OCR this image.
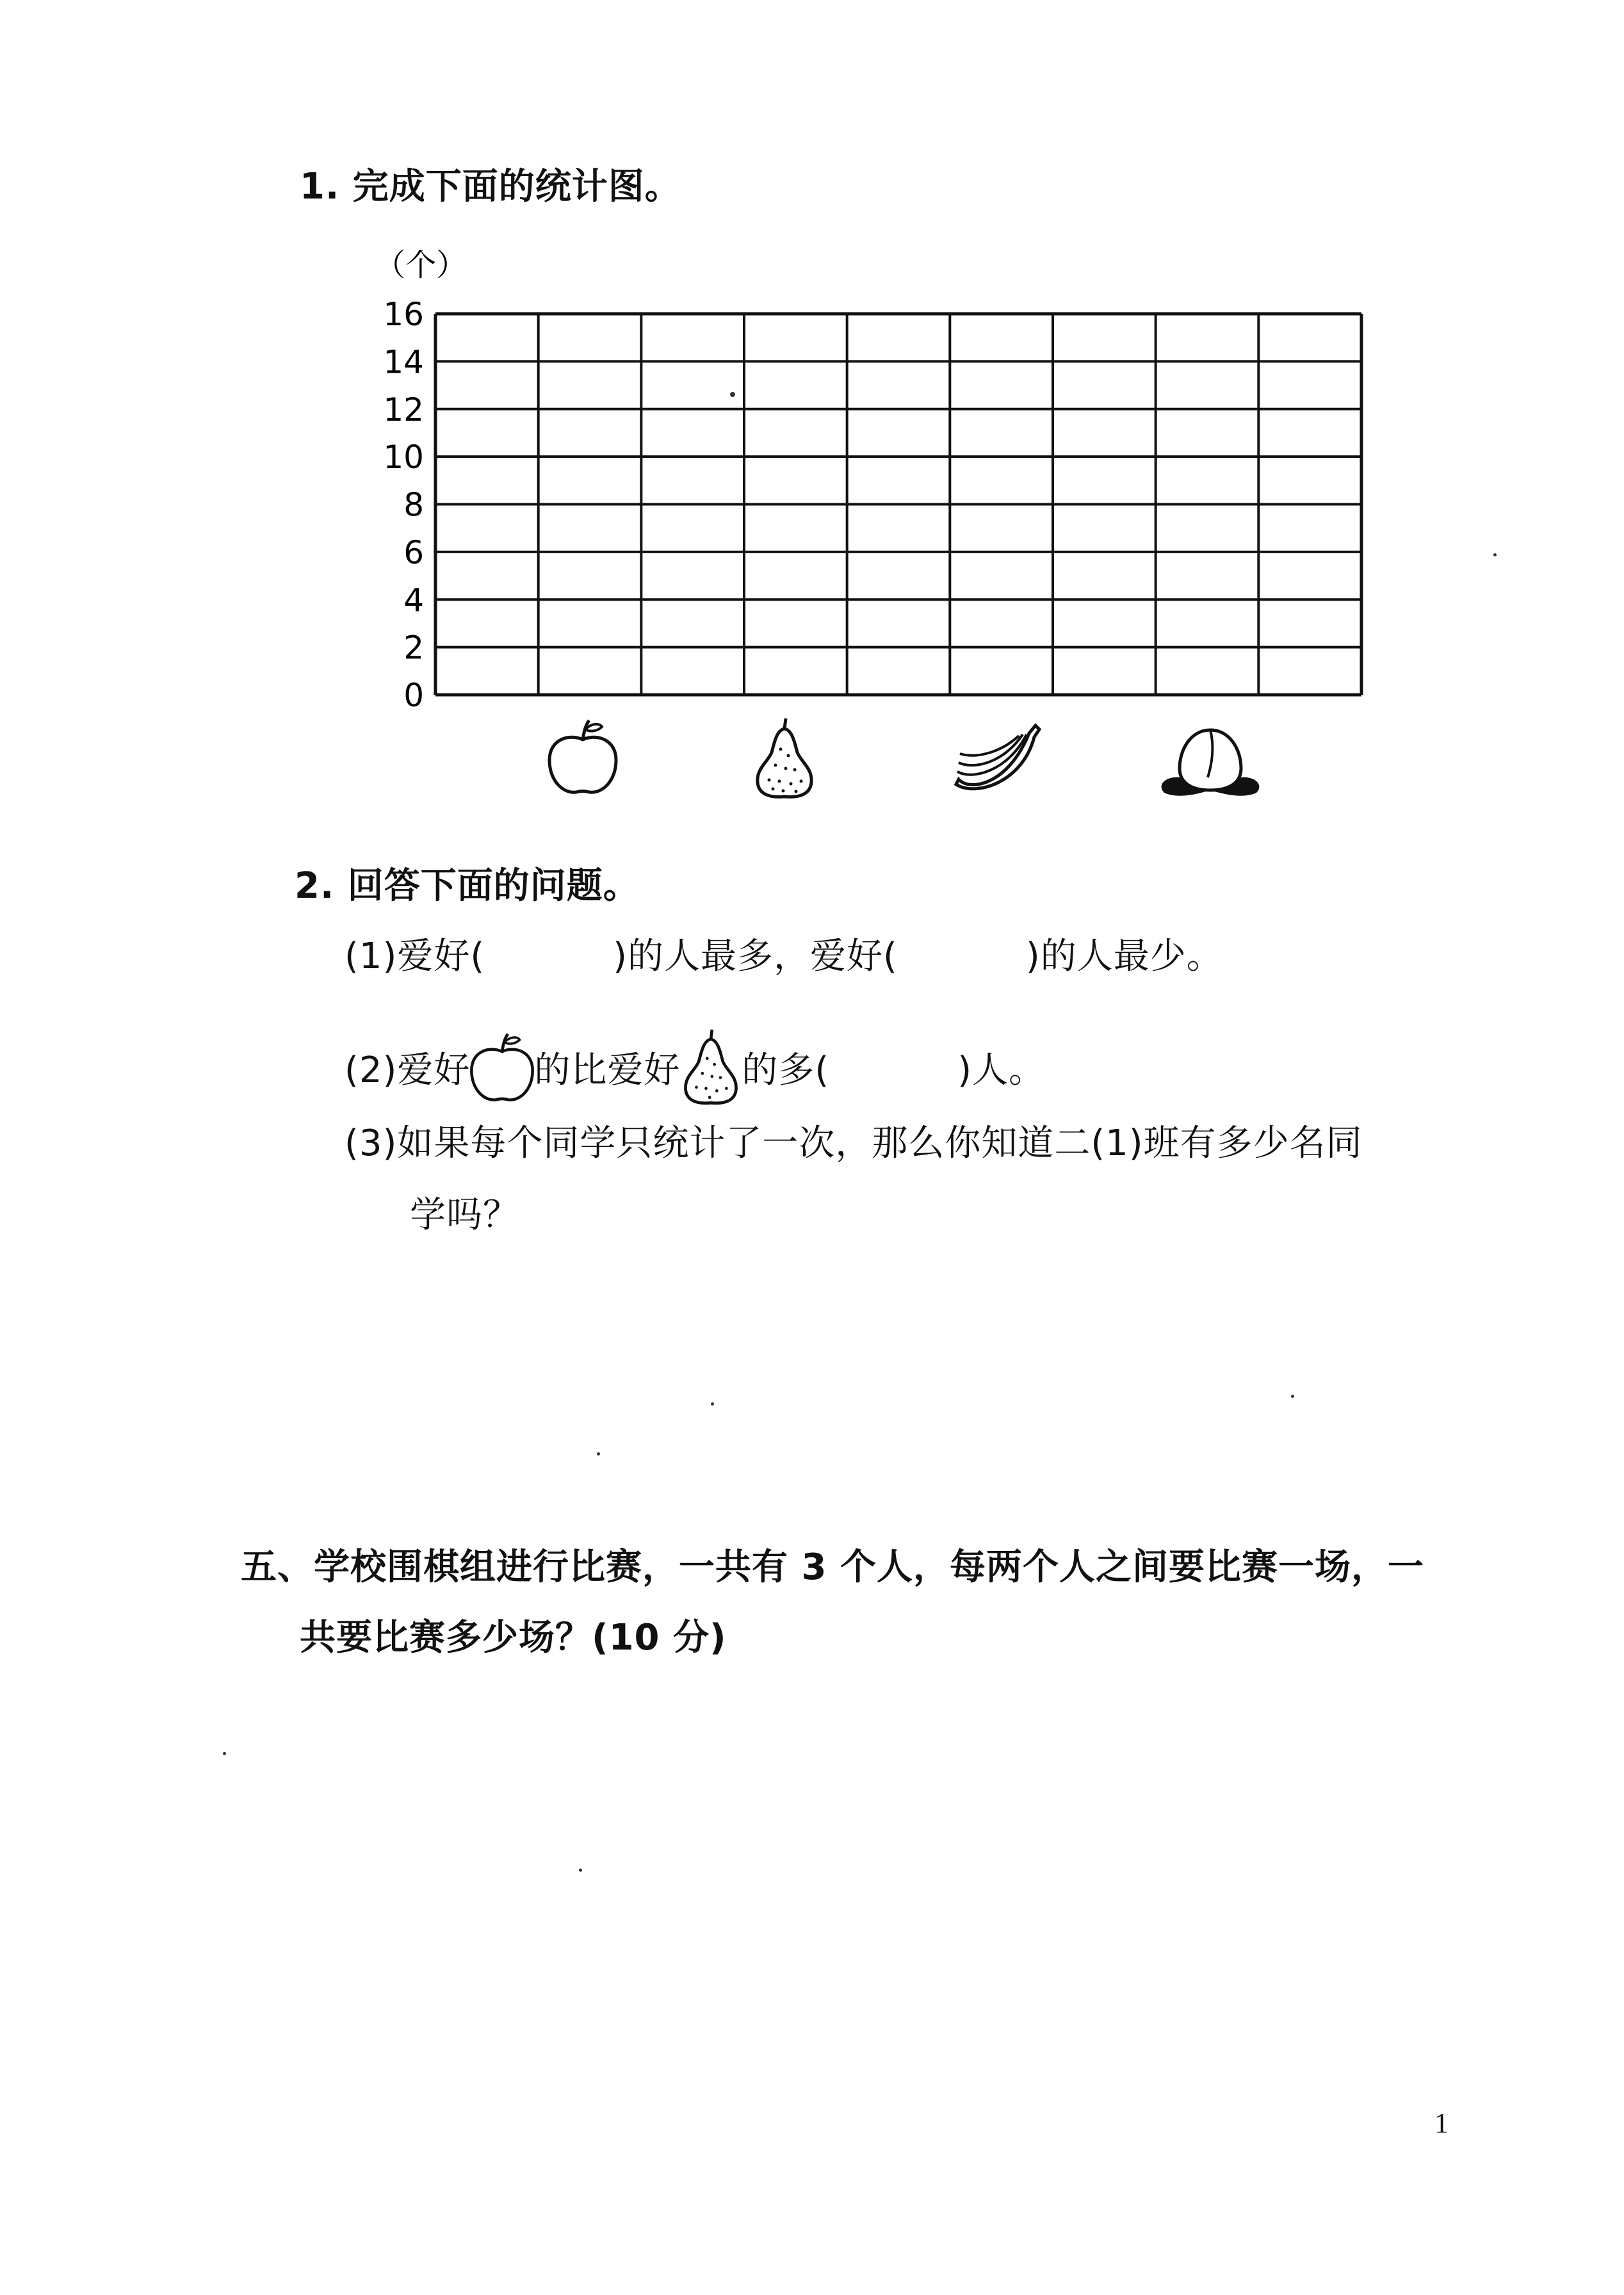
1. 完成下面的统计图。
（个）
0
2
4
6
8
10
12
14
16
2. 回答下面的问题。
(1)爱好(	)的人最多，爱好(	)的人最少。
(2)爱好 的比爱好 的多(	)人。
(3)如果每个同学只统计了一次，那么你知道二(1)班有多少名同
学吗？
五、学校围棋组进行比赛，一共有 3 个人，每两个人之间要比赛一场，一
共要比赛多少场？(10 分)
1
